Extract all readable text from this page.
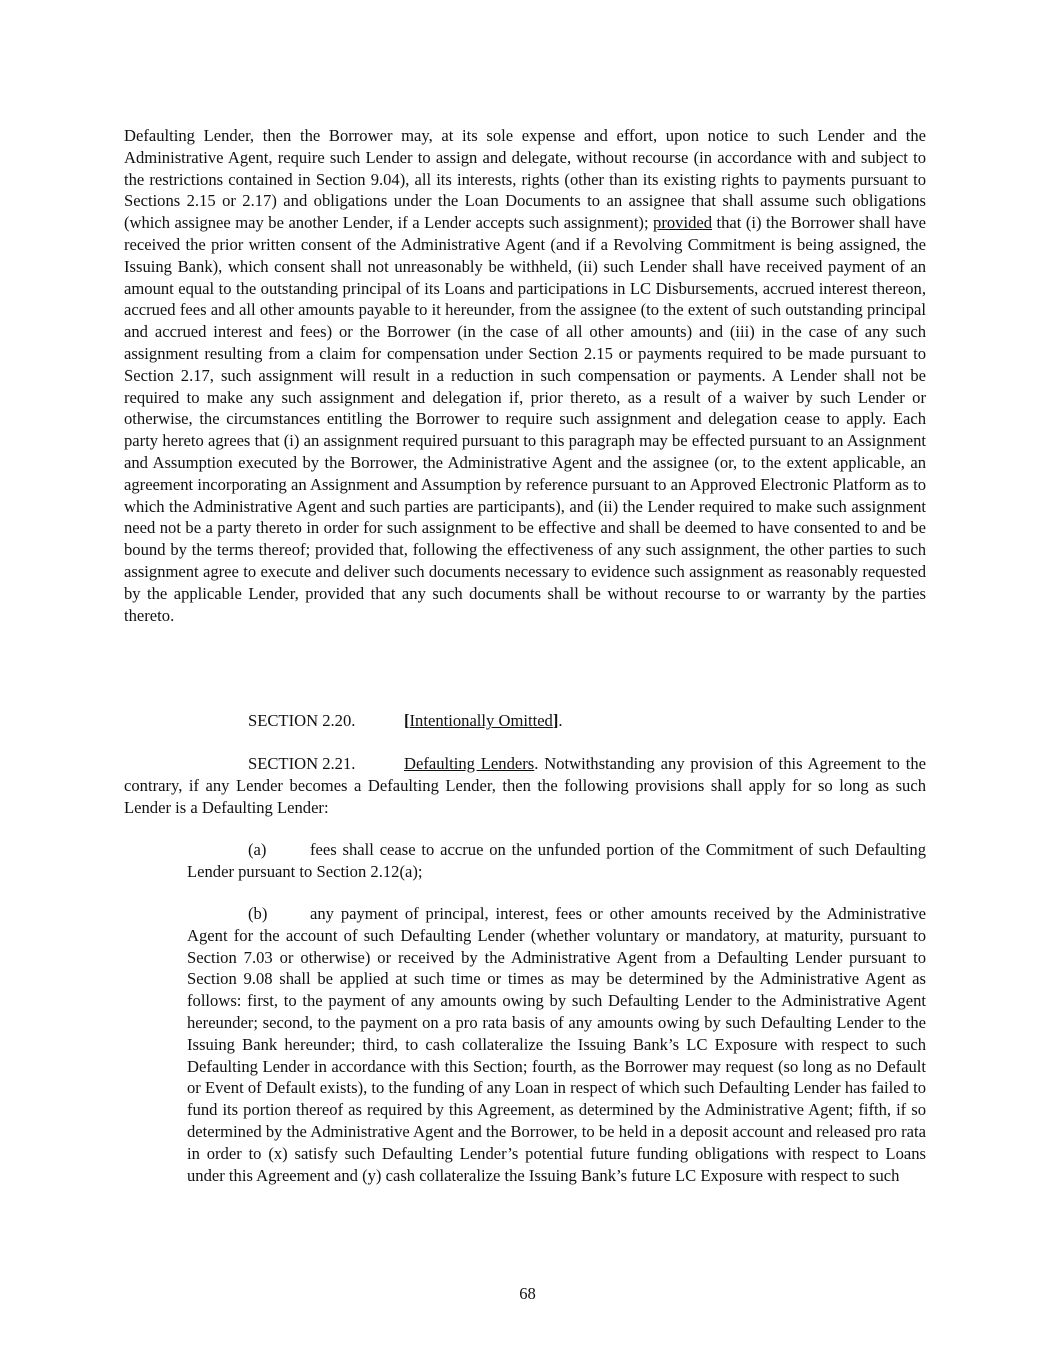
Defaulting Lender, then the Borrower may, at its sole expense and effort, upon notice to such Lender and the Administrative Agent, require such Lender to assign and delegate, without recourse (in accordance with and subject to the restrictions contained in Section 9.04), all its interests, rights (other than its existing rights to payments pursuant to Sections 2.15 or 2.17) and obligations under the Loan Documents to an assignee that shall assume such obligations (which assignee may be another Lender, if a Lender accepts such assignment); provided that (i) the Borrower shall have received the prior written consent of the Administrative Agent (and if a Revolving Commitment is being assigned, the Issuing Bank), which consent shall not unreasonably be withheld, (ii) such Lender shall have received payment of an amount equal to the outstanding principal of its Loans and participations in LC Disbursements, accrued interest thereon, accrued fees and all other amounts payable to it hereunder, from the assignee (to the extent of such outstanding principal and accrued interest and fees) or the Borrower (in the case of all other amounts) and (iii) in the case of any such assignment resulting from a claim for compensation under Section 2.15 or payments required to be made pursuant to Section 2.17, such assignment will result in a reduction in such compensation or payments. A Lender shall not be required to make any such assignment and delegation if, prior thereto, as a result of a waiver by such Lender or otherwise, the circumstances entitling the Borrower to require such assignment and delegation cease to apply. Each party hereto agrees that (i) an assignment required pursuant to this paragraph may be effected pursuant to an Assignment and Assumption executed by the Borrower, the Administrative Agent and the assignee (or, to the extent applicable, an agreement incorporating an Assignment and Assumption by reference pursuant to an Approved Electronic Platform as to which the Administrative Agent and such parties are participants), and (ii) the Lender required to make such assignment need not be a party thereto in order for such assignment to be effective and shall be deemed to have consented to and be bound by the terms thereof; provided that, following the effectiveness of any such assignment, the other parties to such assignment agree to execute and deliver such documents necessary to evidence such assignment as reasonably requested by the applicable Lender, provided that any such documents shall be without recourse to or warranty by the parties thereto.

SECTION 2.20.	[Intentionally Omitted].

SECTION 2.21.	Defaulting Lenders. Notwithstanding any provision of this Agreement to the contrary, if any Lender becomes a Defaulting Lender, then the following provisions shall apply for so long as such Lender is a Defaulting Lender:

(a)	fees shall cease to accrue on the unfunded portion of the Commitment of such Defaulting Lender pursuant to Section 2.12(a);

(b)	any payment of principal, interest, fees or other amounts received by the Administrative Agent for the account of such Defaulting Lender (whether voluntary or mandatory, at maturity, pursuant to Section 7.03 or otherwise) or received by the Administrative Agent from a Defaulting Lender pursuant to Section 9.08 shall be applied at such time or times as may be determined by the Administrative Agent as follows: first, to the payment of any amounts owing by such Defaulting Lender to the Administrative Agent hereunder; second, to the payment on a pro rata basis of any amounts owing by such Defaulting Lender to the Issuing Bank hereunder; third, to cash collateralize the Issuing Bank’s LC Exposure with respect to such Defaulting Lender in accordance with this Section; fourth, as the Borrower may request (so long as no Default or Event of Default exists), to the funding of any Loan in respect of which such Defaulting Lender has failed to fund its portion thereof as required by this Agreement, as determined by the Administrative Agent; fifth, if so determined by the Administrative Agent and the Borrower, to be held in a deposit account and released pro rata in order to (x) satisfy such Defaulting Lender’s potential future funding obligations with respect to Loans under this Agreement and (y) cash collateralize the Issuing Bank’s future LC Exposure with respect to such

68
